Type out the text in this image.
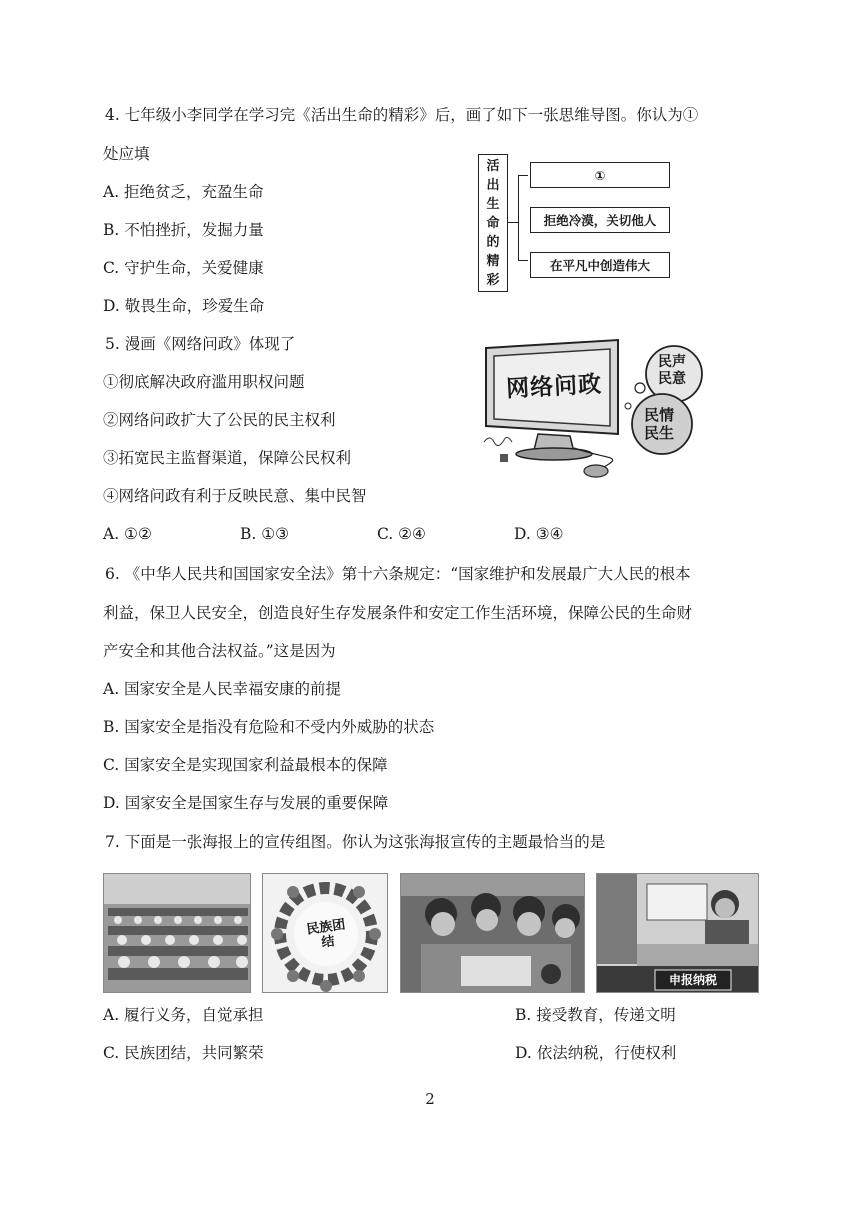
4. 七年级小李同学在学习完《活出生命的精彩》后，画了如下一张思维导图。你认为①
处应填
A. 拒绝贫乏，充盈生命
B. 不怕挫折，发掘力量
C. 守护生命，关爱健康
D. 敬畏生命，珍爱生命
活
出
生
命
的
精
彩
①
拒绝冷漠，关切他人
在平凡中创造伟大
5. 漫画《网络问政》体现了
①彻底解决政府滥用职权问题
②网络问政扩大了公民的民主权利
③拓宽民主监督渠道，保障公民权利
④网络问政有利于反映民意、集中民智
A. ①②	B. ①③	C. ②④	D. ③④
网络问政
民声
民意
民情
民生
6. 《中华人民共和国国家安全法》第十六条规定：“国家维护和发展最广大人民的根本
利益，保卫人民安全，创造良好生存发展条件和安定工作生活环境，保障公民的生命财
产安全和其他合法权益。”这是因为
A. 国家安全是人民幸福安康的前提
B. 国家安全是指没有危险和不受内外威胁的状态
C. 国家安全是实现国家利益最根本的保障
D. 国家安全是国家生存与发展的重要保障
7. 下面是一张海报上的宣传组图。你认为这张海报宣传的主题最恰当的是
民族团结
申报纳税
A. 履行义务，自觉承担	B. 接受教育，传递文明
C. 民族团结，共同繁荣	D. 依法纳税，行使权利
2
